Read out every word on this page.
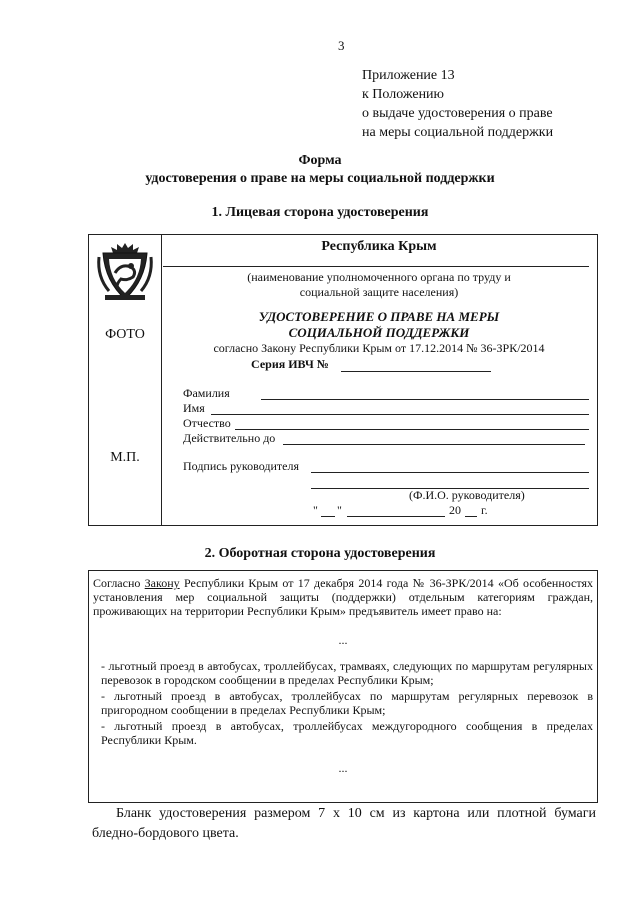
3
Приложение 13
к Положению
о выдаче удостоверения о праве
на меры социальной поддержки
Форма
удостоверения о праве на меры социальной поддержки
1. Лицевая сторона удостоверения
ФОТО
М.П.
Республика Крым
(наименование уполномоченного органа по труду и
социальной защите населения)
УДОСТОВЕРЕНИЕ О ПРАВЕ НА МЕРЫ
СОЦИАЛЬНОЙ ПОДДЕРЖКИ
согласно Закону Республики Крым от 17.12.2014 № 36-ЗРК/2014
Серия ИВЧ №
Фамилия
Имя
Отчество
Действительно до
Подпись руководителя
(Ф.И.О. руководителя)
" "	20 г.
2. Оборотная сторона удостоверения
Согласно Закону Республики Крым от 17 декабря 2014 года № 36-ЗРК/2014 «Об особенностях установления мер социальной защиты (поддержки) отдельным категориям граждан, проживающих на территории Республики Крым» предъявитель имеет право на:
...
- льготный проезд в автобусах, троллейбусах, трамваях, следующих по маршрутам регулярных перевозок в городском сообщении в пределах Республики Крым;
- льготный проезд в автобусах, троллейбусах по маршрутам регулярных перевозок в пригородном сообщении в пределах Республики Крым;
- льготный проезд в автобусах, троллейбусах междугородного сообщения в пределах Республики Крым.
...
Бланк удостоверения размером 7 х 10 см из картона или плотной бумаги бледно-бордового цвета.
